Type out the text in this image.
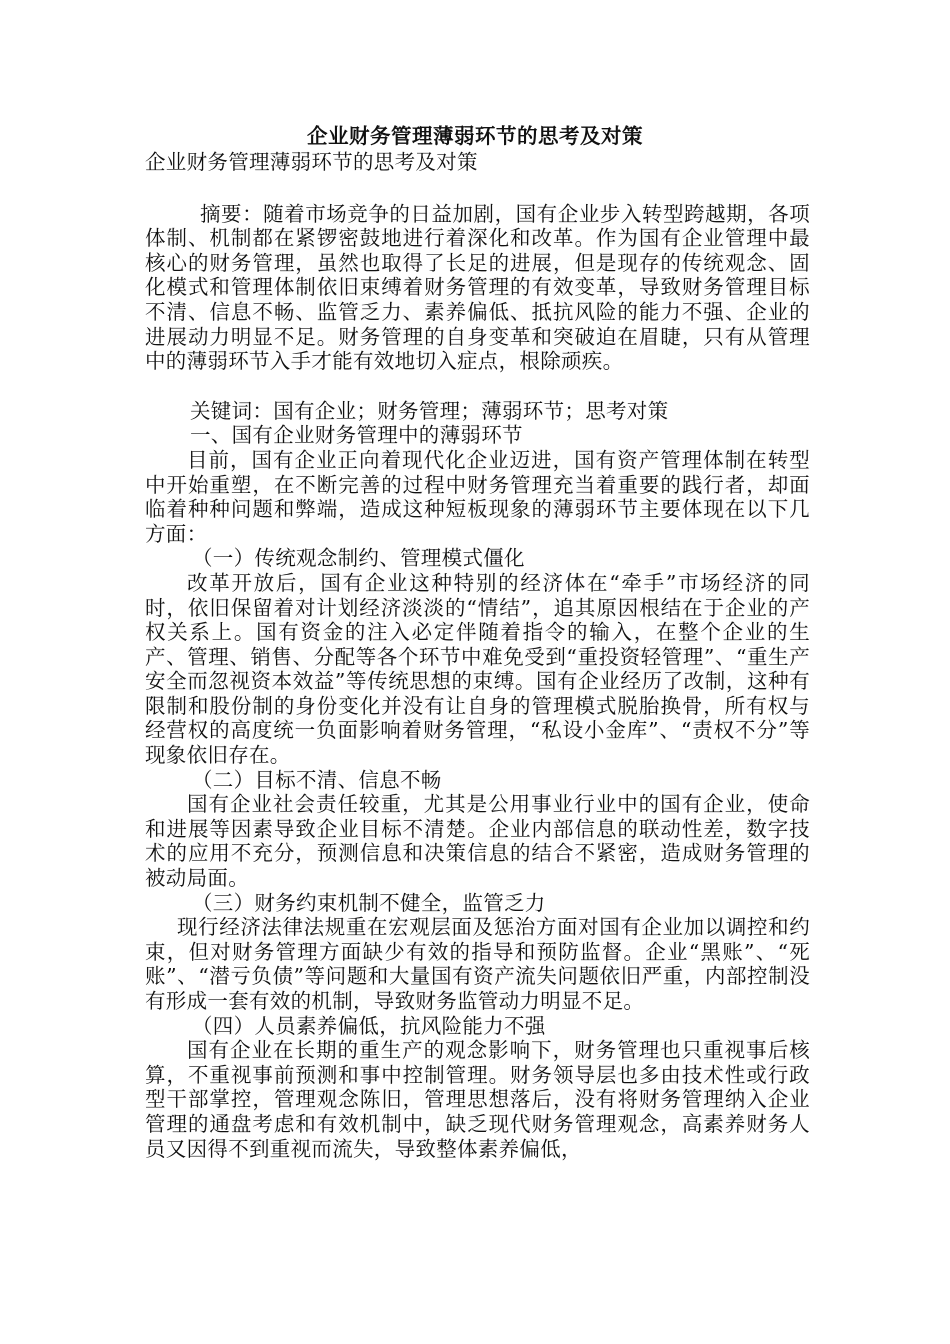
企业财务管理薄弱环节的思考及对策

企业财务管理薄弱环节的思考及对策

摘要：随着市场竞争的日益加剧，国有企业步入转型跨越期，各项体制、机制都在紧锣密鼓地进行着深化和改革。作为国有企业管理中最核心的财务管理，虽然也取得了长足的进展，但是现存的传统观念、固化模式和管理体制依旧束缚着财务管理的有效变革，导致财务管理目标不清、信息不畅、监管乏力、素养偏低、抵抗风险的能力不强、企业的进展动力明显不足。财务管理的自身变革和突破迫在眉睫，只有从管理中的薄弱环节入手才能有效地切入症点，根除顽疾。

关键词：国有企业；财务管理；薄弱环节；思考对策

一、国有企业财务管理中的薄弱环节

目前，国有企业正向着现代化企业迈进，国有资产管理体制在转型中开始重塑，在不断完善的过程中财务管理充当着重要的践行者，却面临着种种问题和弊端，造成这种短板现象的薄弱环节主要体现在以下几方面：

（一）传统观念制约、管理模式僵化

改革开放后，国有企业这种特别的经济体在“牵手”市场经济的同时，依旧保留着对计划经济淡淡的“情结”，追其原因根结在于企业的产权关系上。国有资金的注入必定伴随着指令的输入，在整个企业的生产、管理、销售、分配等各个环节中难免受到“重投资轻管理”、“重生产安全而忽视资本效益”等传统思想的束缚。国有企业经历了改制，这种有限制和股份制的身份变化并没有让自身的管理模式脱胎换骨，所有权与经营权的高度统一负面影响着财务管理，“私设小金库”、“责权不分”等现象依旧存在。

（二）目标不清、信息不畅

国有企业社会责任较重，尤其是公用事业行业中的国有企业，使命和进展等因素导致企业目标不清楚。企业内部信息的联动性差，数字技术的应用不充分，预测信息和决策信息的结合不紧密，造成财务管理的被动局面。

（三）财务约束机制不健全，监管乏力

现行经济法律法规重在宏观层面及惩治方面对国有企业加以调控和约束，但对财务管理方面缺少有效的指导和预防监督。企业“黑账”、“死账”、“潜亏负债”等问题和大量国有资产流失问题依旧严重，内部控制没有形成一套有效的机制，导致财务监管动力明显不足。

（四）人员素养偏低，抗风险能力不强

国有企业在长期的重生产的观念影响下，财务管理也只重视事后核算，不重视事前预测和事中控制管理。财务领导层也多由技术性或行政型干部掌控，管理观念陈旧，管理思想落后，没有将财务管理纳入企业管理的通盘考虑和有效机制中，缺乏现代财务管理观念，高素养财务人员又因得不到重视而流失，导致整体素养偏低，
